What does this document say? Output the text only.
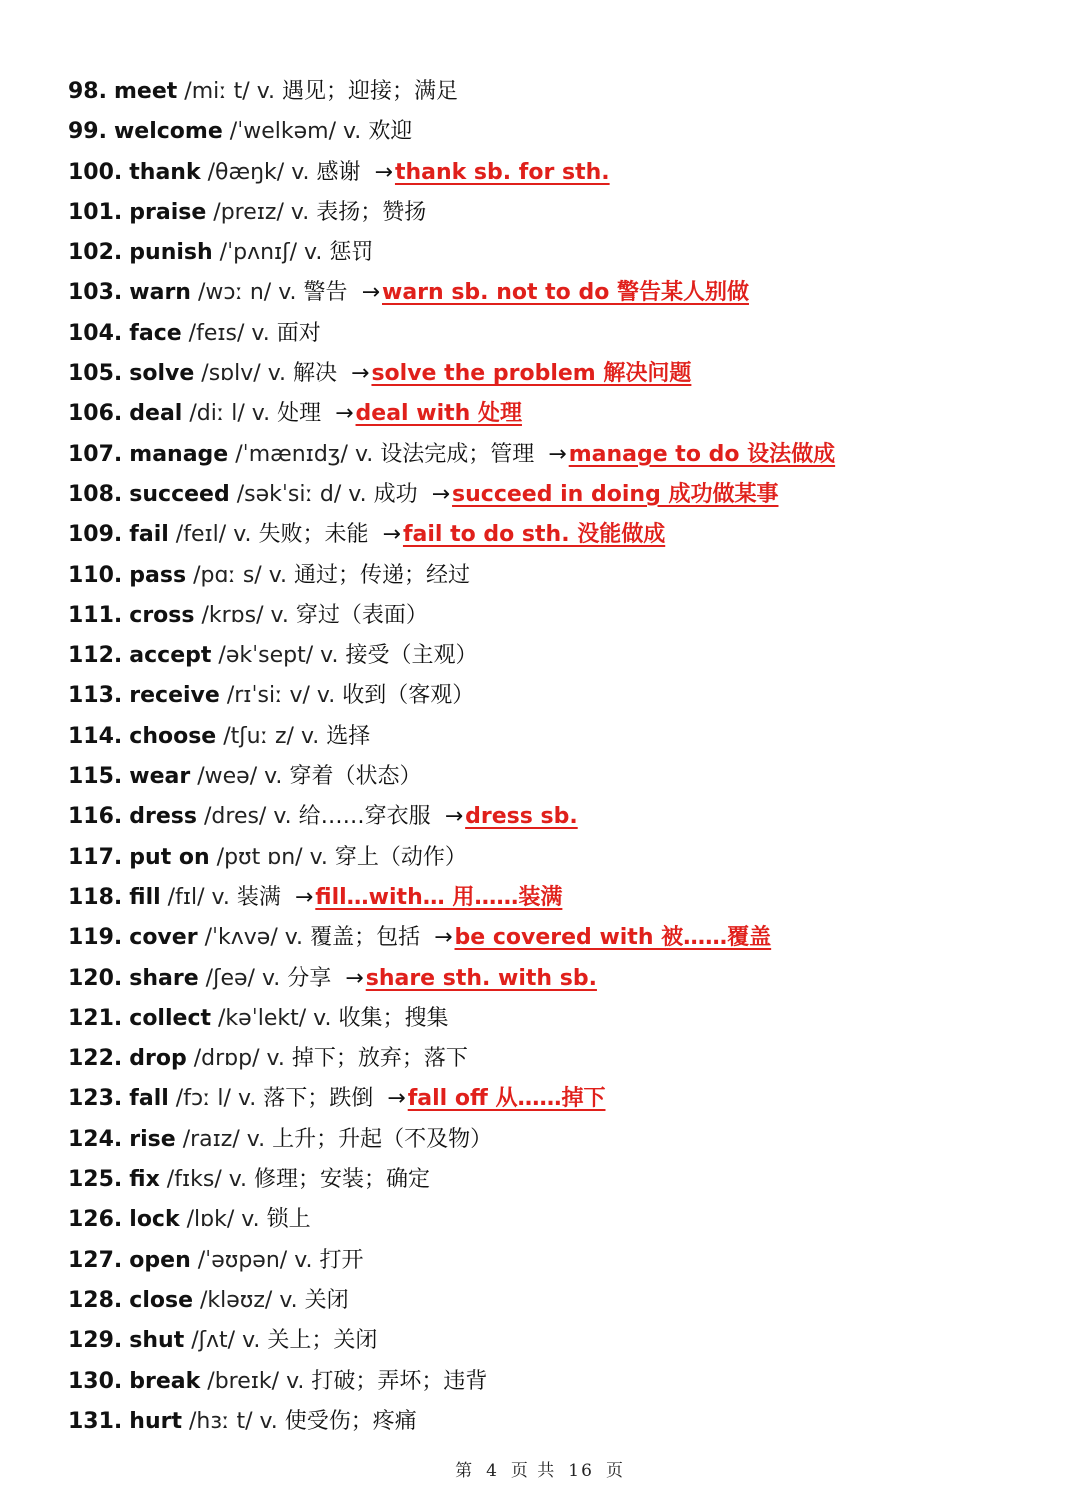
98. meet /miː t/ v. 遇见；迎接；满足
99. welcome /ˈwelkəm/ v. 欢迎
100. thank /θæŋk/ v. 感谢 →thank sb. for sth.
101. praise /preɪz/ v. 表扬；赞扬
102. punish /ˈpʌnɪʃ/ v. 惩罚
103. warn /wɔː n/ v. 警告 →warn sb. not to do 警告某人别做
104. face /feɪs/ v. 面对
105. solve /sɒlv/ v. 解决 →solve the problem 解决问题
106. deal /diː l/ v. 处理 →deal with 处理
107. manage /ˈmænɪdʒ/ v. 设法完成；管理 →manage to do 设法做成
108. succeed /səkˈsiː d/ v. 成功 →succeed in doing 成功做某事
109. fail /feɪl/ v. 失败；未能 →fail to do sth. 没能做成
110. pass /pɑː s/ v. 通过；传递；经过
111. cross /krɒs/ v. 穿过（表面）
112. accept /əkˈsept/ v. 接受（主观）
113. receive /rɪˈsiː v/ v. 收到（客观）
114. choose /tʃuː z/ v. 选择
115. wear /weə/ v. 穿着（状态）
116. dress /dres/ v. 给……穿衣服 →dress sb.
117. put on /pʊt ɒn/ v. 穿上（动作）
118. fill /fɪl/ v. 装满 →fill…with… 用……装满
119. cover /ˈkʌvə/ v. 覆盖；包括 →be covered with 被……覆盖
120. share /ʃeə/ v. 分享 →share sth. with sb.
121. collect /kəˈlekt/ v. 收集；搜集
122. drop /drɒp/ v. 掉下；放弃；落下
123. fall /fɔː l/ v. 落下；跌倒 →fall off 从……掉下
124. rise /raɪz/ v. 上升；升起（不及物）
125. fix /fɪks/ v. 修理；安装；确定
126. lock /lɒk/ v. 锁上
127. open /ˈəʊpən/ v. 打开
128. close /kləʊz/ v. 关闭
129. shut /ʃʌt/ v. 关上；关闭
130. break /breɪk/ v. 打破；弄坏；违背
131. hurt /hɜː t/ v. 使受伤；疼痛
第 4 页 共 16 页
